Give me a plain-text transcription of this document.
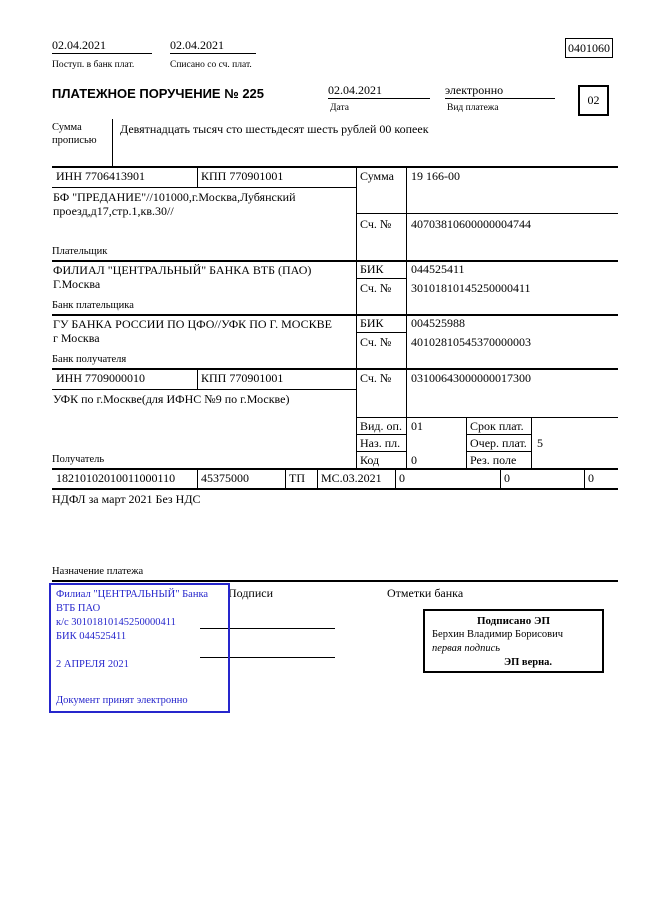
02.04.2021
Поступ. в банк плат.
02.04.2021
Списано со сч. плат.
0401060
ПЛАТЕЖНОЕ ПОРУЧЕНИЕ № 225	02.04.2021
Дата
электронно
Вид платежа
02
Сумма
прописью
Девятнадцать тысяч сто шестьдесят шесть рублей 00 копеек
ИНН 7706413901	КПП 770901001	Сумма 19 166-00
БФ "ПРЕДАНИЕ"//101000,г.Москва,Лубянский
проезд,д17,стр.1,кв.30//
Сч. № 40703810600000004744
Плательщик
ФИЛИАЛ "ЦЕНТРАЛЬНЫЙ" БАНКА ВТБ (ПАО)
Г.Москва
БИК 044525411
Сч. № 30101810145250000411
Банк плательщика
ГУ БАНКА РОССИИ ПО ЦФО//УФК ПО Г. МОСКВЕ
г Москва
БИК 004525988
Сч. № 40102810545370000003
Банк получателя
ИНН 7709000010	КПП 770901001	Сч. № 03100643000000017300
УФК по г.Москве(для ИФНС №9 по г.Москве)
Получатель
Вид. оп. 01	Срок плат.
Наз. пл.	Очер. плат. 5
Код	0	Рез. поле
18210102010011000110 45375000	ТП МС.03.2021 0	0	0
НДФЛ за март 2021 Без НДС
Назначение платежа
Подписи	Отметки банка
Филиал "ЦЕНТРАЛЬНЫЙ" Банка
ВТБ ПАО
к/с 30101810145250000411
БИК 044525411
2 АПРЕЛЯ 2021
Документ принят электронно
Подписано ЭП
Берхин Владимир Борисович
первая подпись
ЭП верна.
